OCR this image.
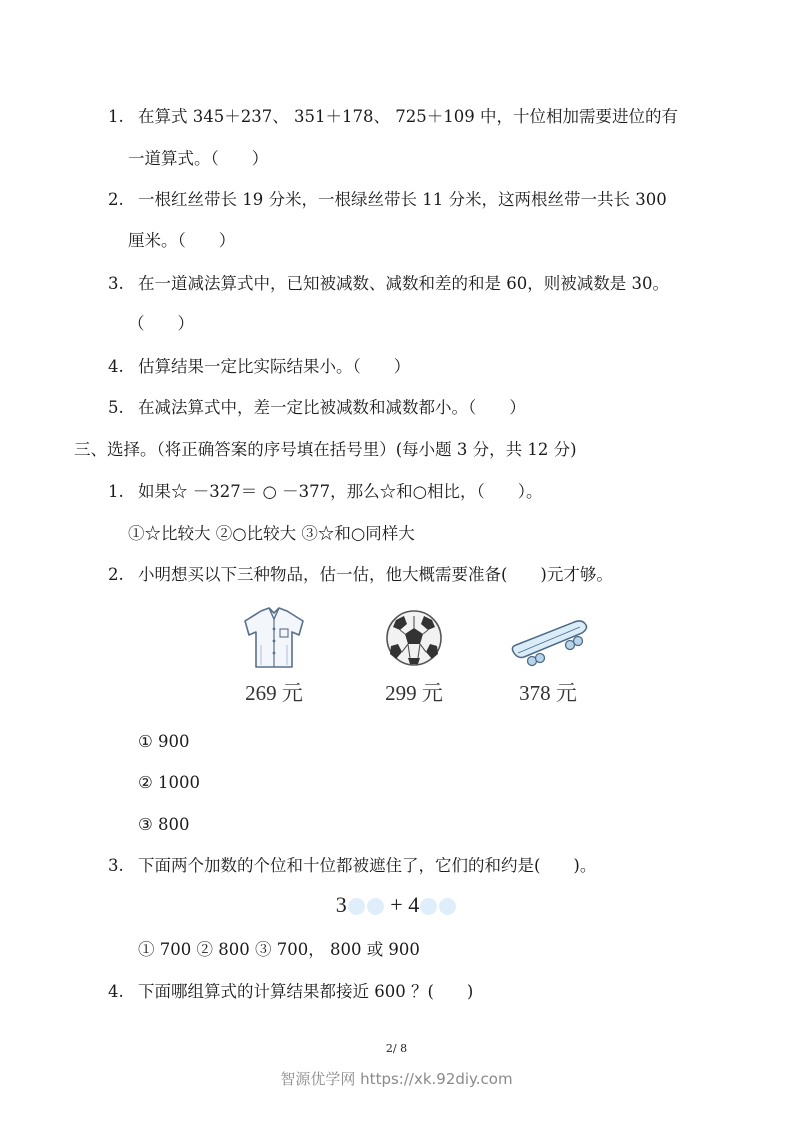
1. 在算式 345＋237、 351＋178、 725＋109 中，十位相加需要进位的有
一道算式。（　　）
2. 一根红丝带长 19 分米，一根绿丝带长 11 分米，这两根丝带一共长 300
厘米。（　　）
3. 在一道减法算式中，已知被减数、减数和差的和是 60，则被减数是 30。
（　　）
4. 估算结果一定比实际结果小。（　　）
5. 在减法算式中，差一定比被减数和减数都小。（　　）
三、选择。（将正确答案的序号填在括号里）(每小题 3 分，共 12 分)
1. 如果☆ －327＝ ○ －377，那么☆和○相比，（　　）。
①☆比较大 ②○比较大 ③☆和○同样大
2. 小明想买以下三种物品，估一估，他大概需要准备(　　)元才够。
269 元	299 元	378 元
① 900
② 1000
③ 800
3. 下面两个加数的个位和十位都被遮住了，它们的和约是(　　)。
3 + 4
① 700 ② 800 ③ 700， 800 或 900
4. 下面哪组算式的计算结果都接近 600 ？(　　)
2/ 8
智源优学网 https://xk.92diy.com
